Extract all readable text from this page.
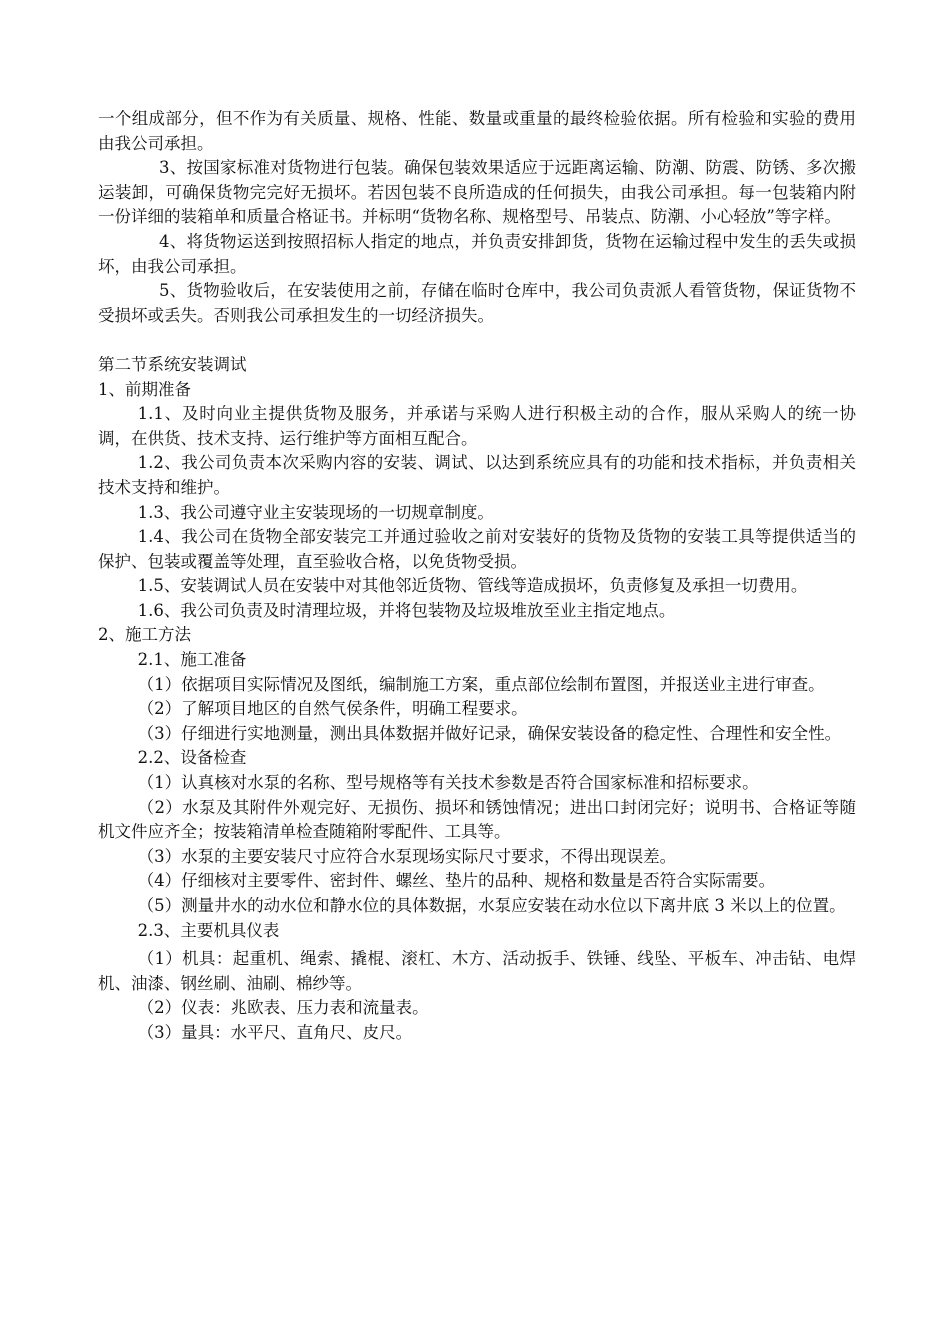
一个组成部分，但不作为有关质量、规格、性能、数量或重量的最终检验依据。所有检验和实验的费用由我公司承担。

3、按国家标准对货物进行包装。确保包装效果适应于远距离运输、防潮、防震、防锈、多次搬运装卸，可确保货物完完好无损坏。若因包装不良所造成的任何损失，由我公司承担。每一包装箱内附一份详细的装箱单和质量合格证书。并标明“货物名称、规格型号、吊装点、防潮、小心轻放”等字样。

4、将货物运送到按照招标人指定的地点，并负责安排卸货，货物在运输过程中发生的丢失或损坏，由我公司承担。

5、货物验收后，在安装使用之前，存储在临时仓库中，我公司负责派人看管货物，保证货物不受损坏或丢失。否则我公司承担发生的一切经济损失。

第二节系统安装调试

1、前期准备

1.1、及时向业主提供货物及服务，并承诺与采购人进行积极主动的合作，服从采购人的统一协调，在供货、技术支持、运行维护等方面相互配合。

1.2、我公司负责本次采购内容的安装、调试、以达到系统应具有的功能和技术指标，并负责相关技术支持和维护。

1.3、我公司遵守业主安装现场的一切规章制度。

1.4、我公司在货物全部安装完工并通过验收之前对安装好的货物及货物的安装工具等提供适当的保护、包装或覆盖等处理，直至验收合格，以免货物受损。

1.5、安装调试人员在安装中对其他邻近货物、管线等造成损坏，负责修复及承担一切费用。

1.6、我公司负责及时清理垃圾，并将包装物及垃圾堆放至业主指定地点。

2、施工方法

2.1、施工准备

（1）依据项目实际情况及图纸，编制施工方案，重点部位绘制布置图，并报送业主进行审查。

（2）了解项目地区的自然气侯条件，明确工程要求。

（3）仔细进行实地测量，测出具体数据并做好记录，确保安装设备的稳定性、合理性和安全性。

2.2、设备检查

（1）认真核对水泵的名称、型号规格等有关技术参数是否符合国家标准和招标要求。

（2）水泵及其附件外观完好、无损伤、损坏和锈蚀情况；进出口封闭完好；说明书、合格证等随机文件应齐全；按装箱清单检查随箱附零配件、工具等。

（3）水泵的主要安装尺寸应符合水泵现场实际尺寸要求，不得出现误差。

（4）仔细核对主要零件、密封件、螺丝、垫片的品种、规格和数量是否符合实际需要。

（5）测量井水的动水位和静水位的具体数据，水泵应安装在动水位以下离井底 3 米以上的位置。

2.3、主要机具仪表

（1）机具：起重机、绳索、撬棍、滚杠、木方、活动扳手、铁锤、线坠、平板车、冲击钻、电焊机、油漆、钢丝刷、油刷、棉纱等。

（2）仪表：兆欧表、压力表和流量表。

（3）量具：水平尺、直角尺、皮尺。
